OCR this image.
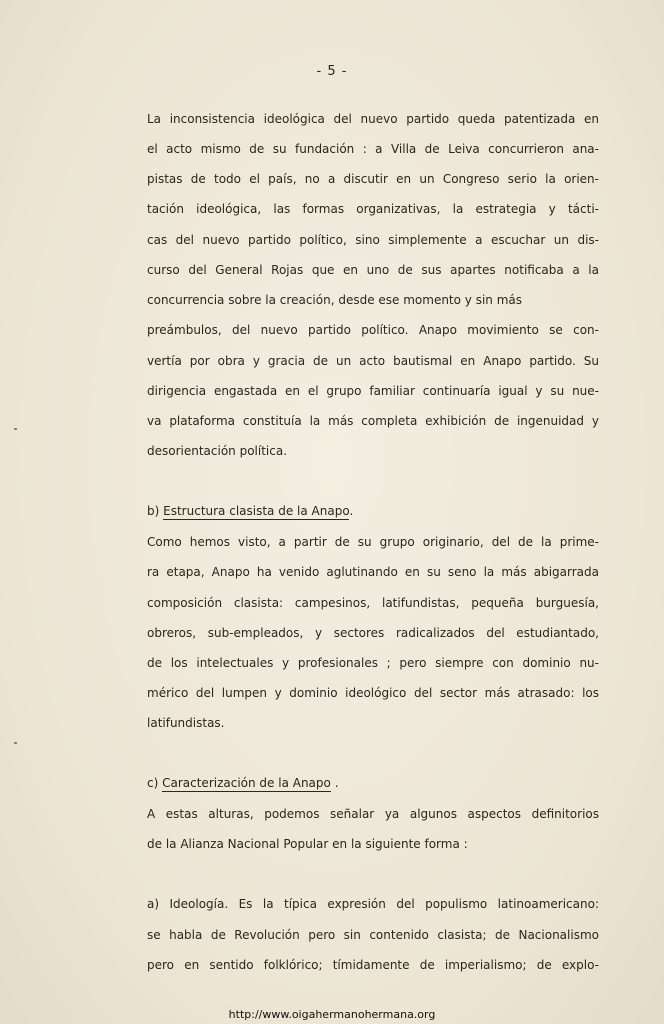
- 5 -
La inconsistencia ideológica del nuevo partido queda patentizada en
el acto mismo de su fundación : a Villa de Leiva concurrieron ana-
pistas de todo el país, no a discutir en un Congreso serio la orien-
tación ideológica, las formas organizativas, la estrategia y tácti-
cas del nuevo partido político, sino simplemente a escuchar un dis-
curso del General Rojas que en uno de sus apartes notificaba a la
concurrencia sobre la creación, desde ese momento y sin más
preámbulos, del nuevo partido político. Anapo movimiento se con-
vertía por obra y gracia de un acto bautismal en Anapo partido. Su
dirigencia engastada en el grupo familiar continuaría igual y su nue-
va plataforma constituía la más completa exhibición de ingenuidad y
desorientación política.
b) Estructura clasista de la Anapo.
Como hemos visto, a partir de su grupo originario, del de la prime-
ra etapa, Anapo ha venido aglutinando en su seno la más abigarrada
composición clasista: campesinos, latifundistas, pequeña burguesía,
obreros, sub-empleados, y sectores radicalizados del estudiantado,
de los intelectuales y profesionales ; pero siempre con dominio nu-
mérico del lumpen y dominio ideológico del sector más atrasado: los
latifundistas.
c) Caracterización de la Anapo .
A estas alturas, podemos señalar ya algunos aspectos definitorios
de la Alianza Nacional Popular en la siguiente forma :
a) Ideología. Es la típica expresión del populismo latinoamericano:
se habla de Revolución pero sin contenido clasista; de Nacionalismo
pero en sentido folklórico; tímidamente de imperialismo; de explo-
http://www.oigahermanohermana.org
